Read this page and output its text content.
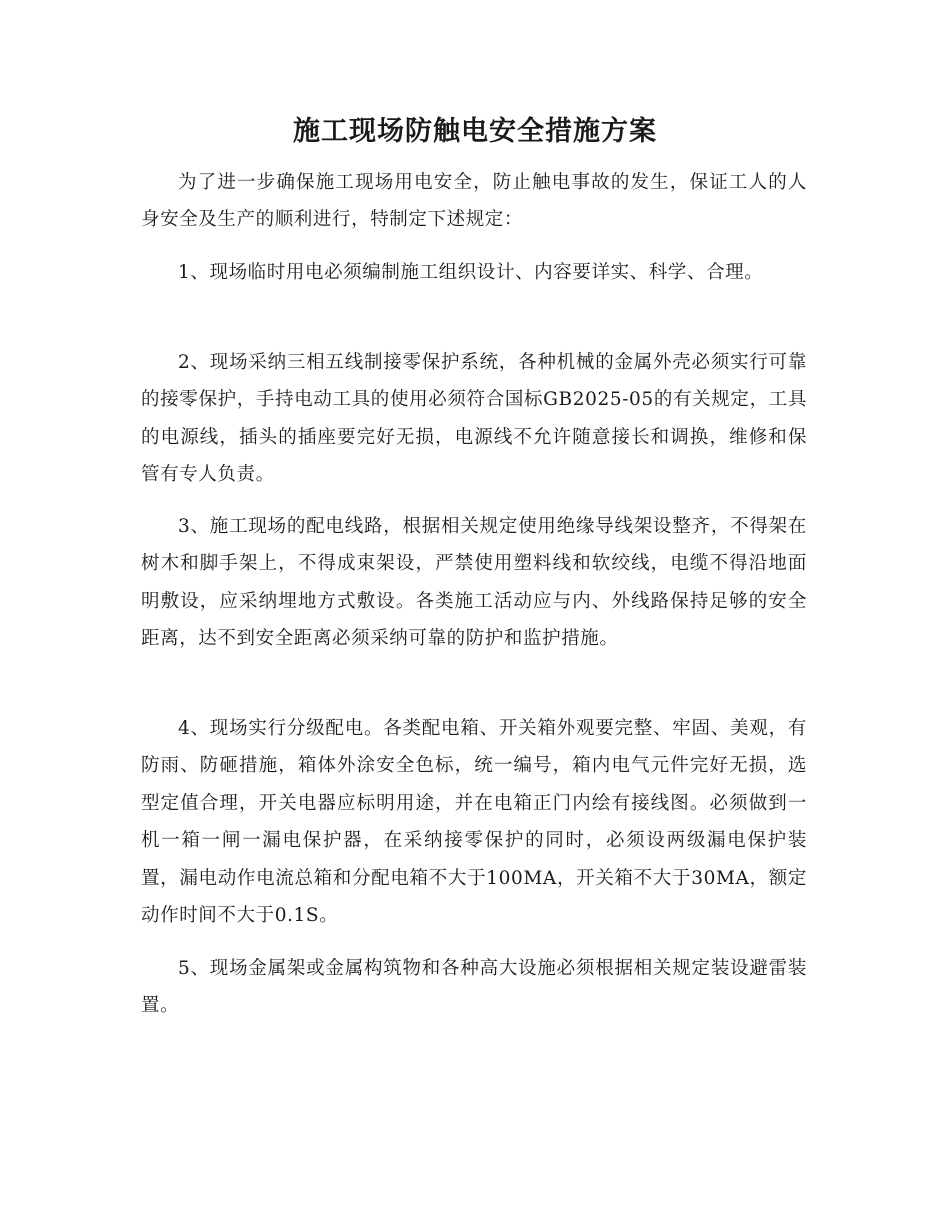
施工现场防触电安全措施方案

为了进一步确保施工现场用电安全，防止触电事故的发生，保证工人的人身安全及生产的顺利进行，特制定下述规定：

1、现场临时用电必须编制施工组织设计、内容要详实、科学、合理。

2、现场采纳三相五线制接零保护系统，各种机械的金属外壳必须实行可靠的接零保护，手持电动工具的使用必须符合国标GB2025-05的有关规定，工具的电源线，插头的插座要完好无损，电源线不允许随意接长和调换，维修和保管有专人负责。

3、施工现场的配电线路，根据相关规定使用绝缘导线架设整齐，不得架在树木和脚手架上，不得成束架设，严禁使用塑料线和软绞线，电缆不得沿地面明敷设，应采纳埋地方式敷设。各类施工活动应与内、外线路保持足够的安全距离，达不到安全距离必须采纳可靠的防护和监护措施。

4、现场实行分级配电。各类配电箱、开关箱外观要完整、牢固、美观，有防雨、防砸措施，箱体外涂安全色标，统一编号，箱内电气元件完好无损，选型定值合理，开关电器应标明用途，并在电箱正门内绘有接线图。必须做到一机一箱一闸一漏电保护器，在采纳接零保护的同时，必须设两级漏电保护装置，漏电动作电流总箱和分配电箱不大于100MA，开关箱不大于30MA，额定动作时间不大于0.1S。

5、现场金属架或金属构筑物和各种高大设施必须根据相关规定装设避雷装置。
